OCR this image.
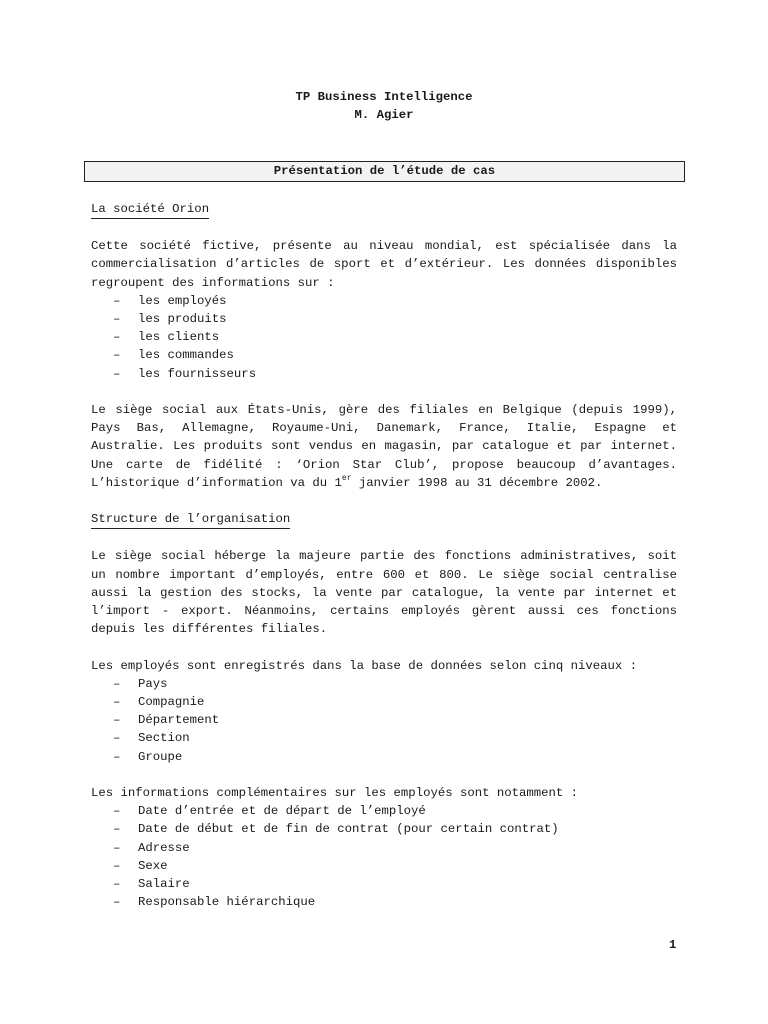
TP Business Intelligence
M. Agier
Présentation de l’étude de cas
La société Orion

Cette société fictive, présente au niveau mondial, est spécialisée dans la commercialisation d’articles de sport et d’extérieur. Les données disponibles regroupent des informations sur :

– les employés
– les produits
– les clients
– les commandes
– les fournisseurs

Le siège social aux États-Unis, gère des filiales en Belgique (depuis 1999), Pays Bas, Allemagne, Royaume-Uni, Danemark, France, Italie, Espagne et Australie. Les produits sont vendus en magasin, par catalogue et par internet. Une carte de fidélité : ‘Orion Star Club’, propose beaucoup d’avantages. L’historique d’information va du 1er janvier 1998 au 31 décembre 2002.

Structure de l’organisation

Le siège social héberge la majeure partie des fonctions administratives, soit un nombre important d’employés, entre 600 et 800. Le siège social centralise aussi la gestion des stocks, la vente par catalogue, la vente par internet et l’import - export. Néanmoins, certains employés gèrent aussi ces fonctions depuis les différentes filiales.

Les employés sont enregistrés dans la base de données selon cinq niveaux :

– Pays
– Compagnie
– Département
– Section
– Groupe

Les informations complémentaires sur les employés sont notamment :

– Date d’entrée et de départ de l’employé
– Date de début et de fin de contrat (pour certain contrat)
– Adresse
– Sexe
– Salaire
– Responsable hiérarchique
1
